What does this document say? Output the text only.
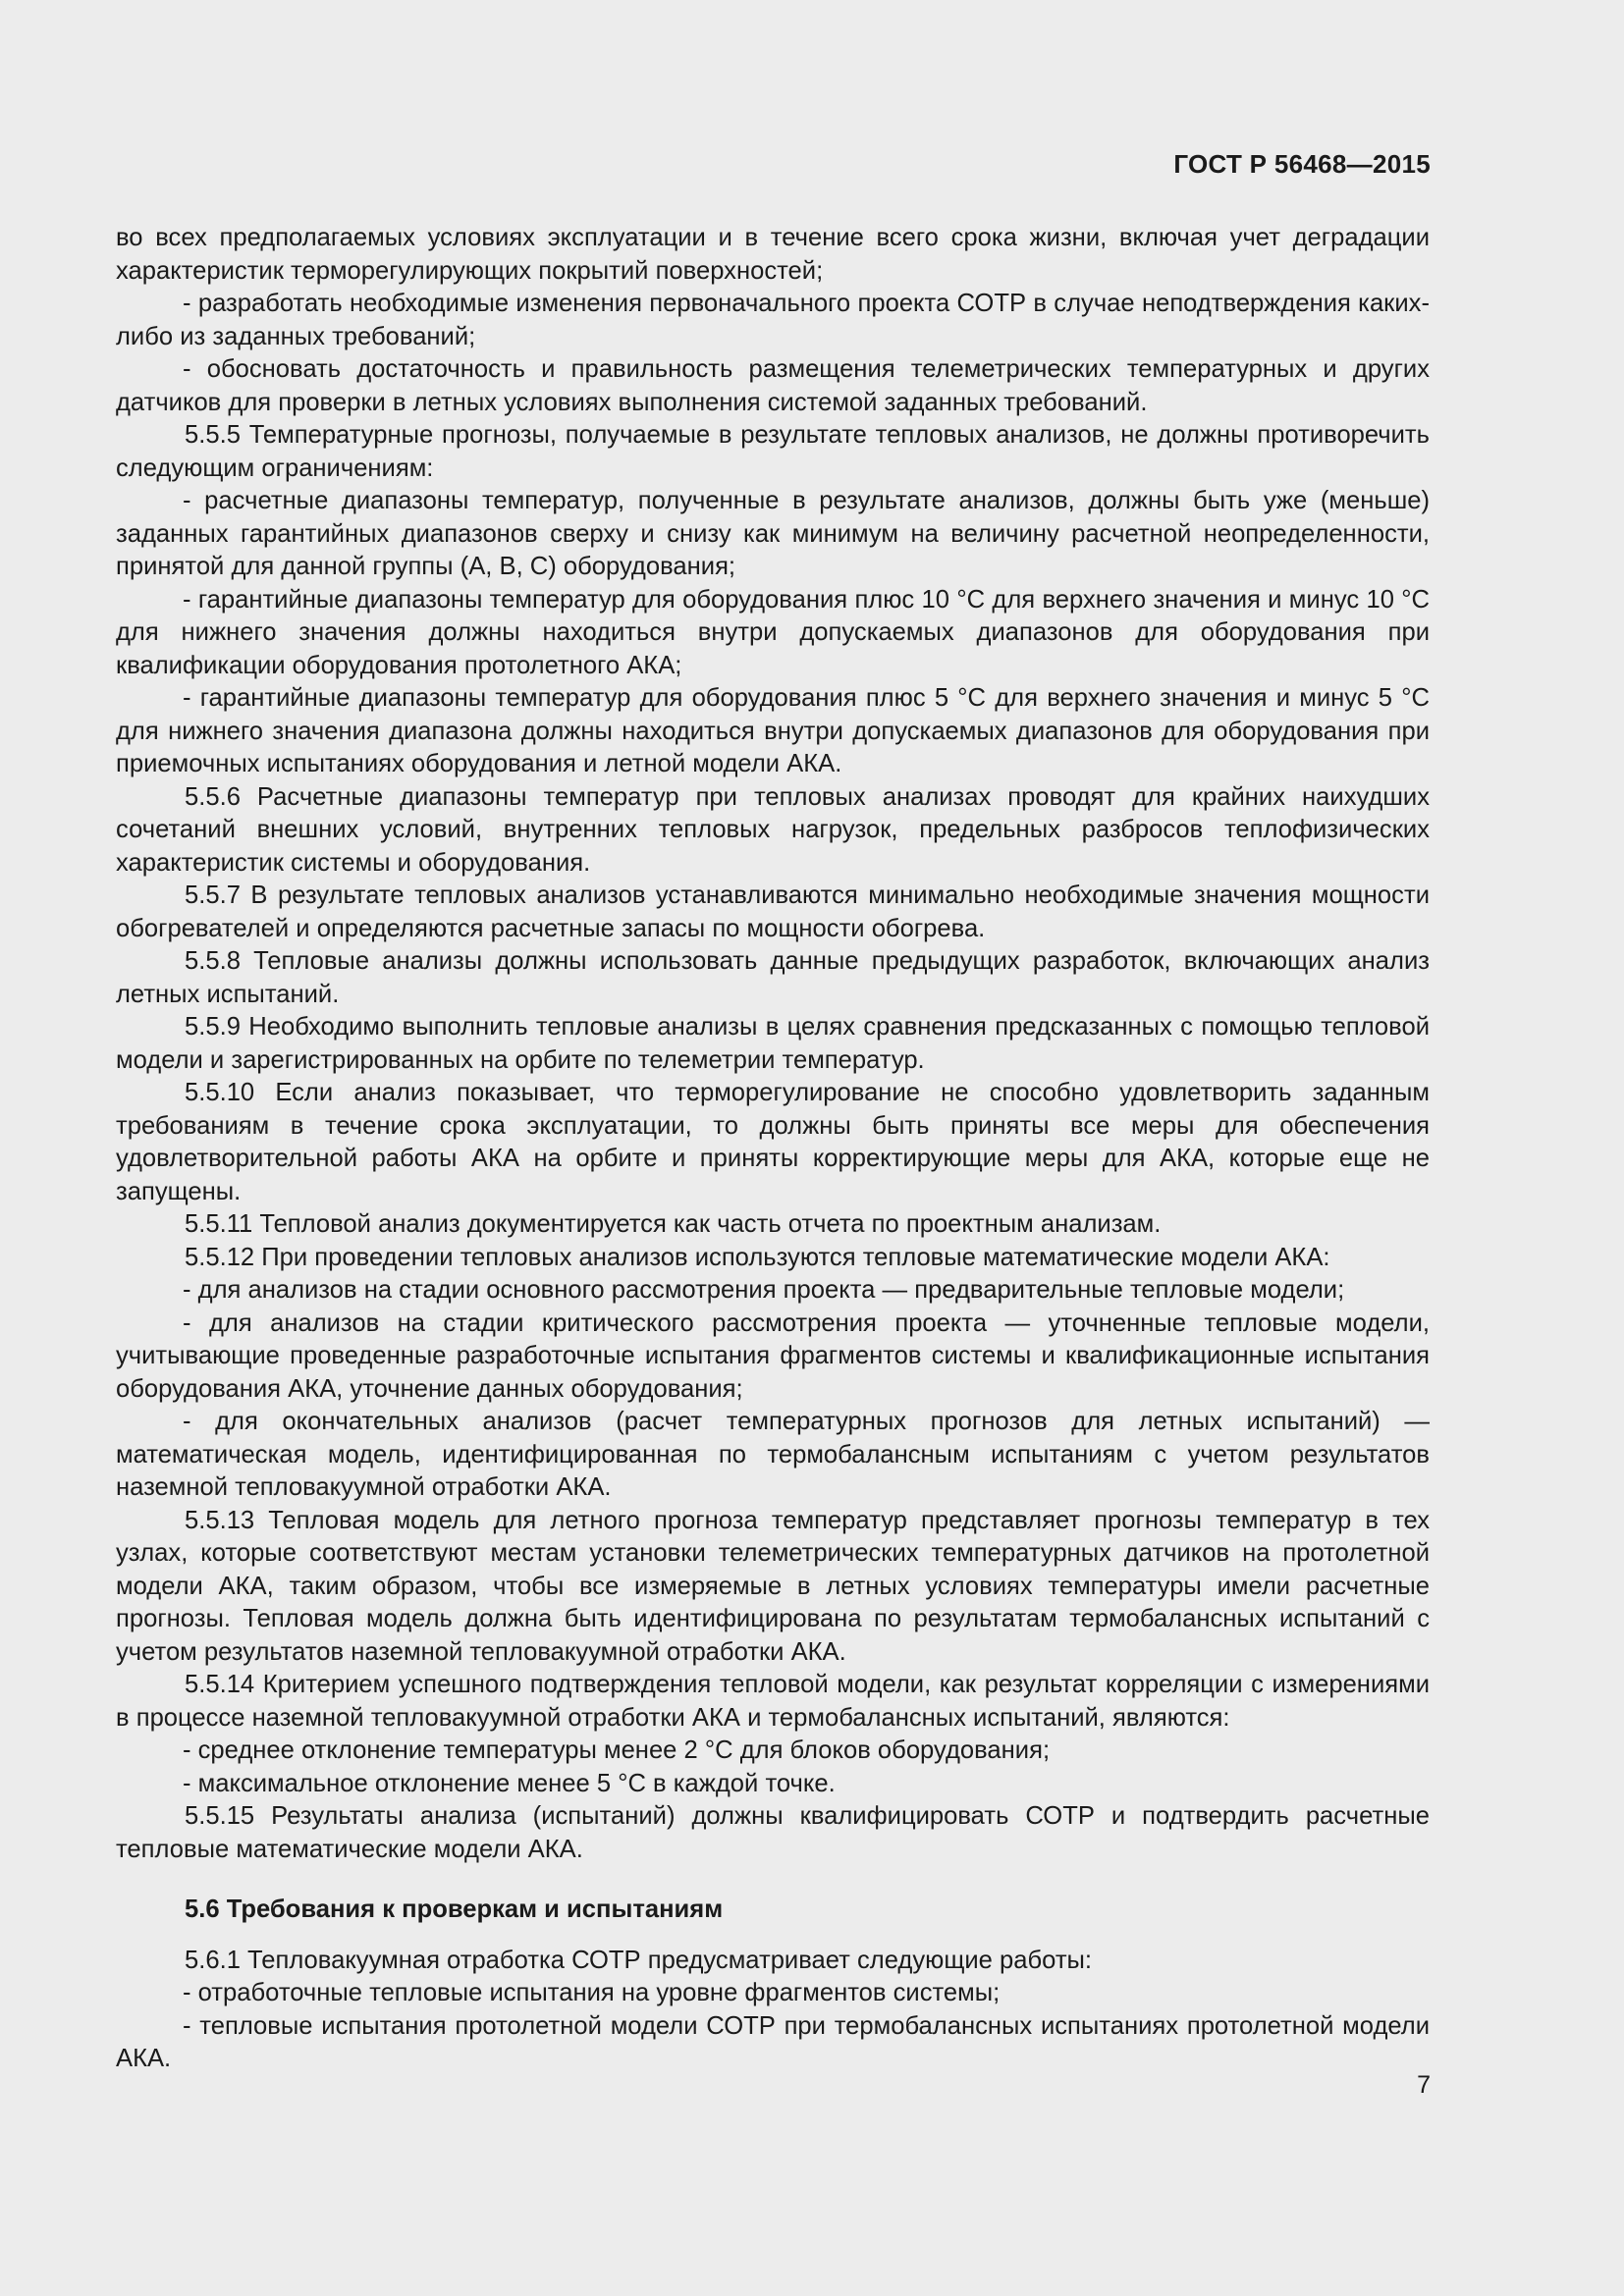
ГОСТ Р 56468—2015

во всех предполагаемых условиях эксплуатации и в течение всего срока жизни, включая учет деградации характеристик терморегулирующих покрытий поверхностей;

- разработать необходимые изменения первоначального проекта СОТР в случае неподтверждения каких-либо из заданных требований;

- обосновать достаточность и правильность размещения телеметрических температурных и других датчиков для проверки в летных условиях выполнения системой заданных требований.

5.5.5 Температурные прогнозы, получаемые в результате тепловых анализов, не должны противоречить следующим ограничениям:

- расчетные диапазоны температур, полученные в результате анализов, должны быть уже (меньше) заданных гарантийных диапазонов сверху и снизу как минимум на величину расчетной неопределенности, принятой для данной группы (А, В, С) оборудования;

- гарантийные диапазоны температур для оборудования плюс 10 °С для верхнего значения и минус 10 °С для нижнего значения должны находиться внутри допускаемых диапазонов для оборудования при квалификации оборудования протолетного АКА;

- гарантийные диапазоны температур для оборудования плюс 5 °С для верхнего значения и минус 5 °С для нижнего значения диапазона должны находиться внутри допускаемых диапазонов для оборудования при приемочных испытаниях оборудования и летной модели АКА.

5.5.6 Расчетные диапазоны температур при тепловых анализах проводят для крайних наихудших сочетаний внешних условий, внутренних тепловых нагрузок, предельных разбросов теплофизических характеристик системы и оборудования.

5.5.7 В результате тепловых анализов устанавливаются минимально необходимые значения мощности обогревателей и определяются расчетные запасы по мощности обогрева.

5.5.8 Тепловые анализы должны использовать данные предыдущих разработок, включающих анализ летных испытаний.

5.5.9 Необходимо выполнить тепловые анализы в целях сравнения предсказанных с помощью тепловой модели и зарегистрированных на орбите по телеметрии температур.

5.5.10 Если анализ показывает, что терморегулирование не способно удовлетворить заданным требованиям в течение срока эксплуатации, то должны быть приняты все меры для обеспечения удовлетворительной работы АКА на орбите и приняты корректирующие меры для АКА, которые еще не запущены.

5.5.11 Тепловой анализ документируется как часть отчета по проектным анализам.

5.5.12 При проведении тепловых анализов используются тепловые математические модели АКА:

- для анализов на стадии основного рассмотрения проекта — предварительные тепловые модели;

- для анализов на стадии критического рассмотрения проекта — уточненные тепловые модели, учитывающие проведенные разработочные испытания фрагментов системы и квалификационные испытания оборудования АКА, уточнение данных оборудования;

- для окончательных анализов (расчет температурных прогнозов для летных испытаний) — математическая модель, идентифицированная по термобалансным испытаниям с учетом результатов наземной тепловакуумной отработки АКА.

5.5.13 Тепловая модель для летного прогноза температур представляет прогнозы температур в тех узлах, которые соответствуют местам установки телеметрических температурных датчиков на протолетной модели АКА, таким образом, чтобы все измеряемые в летных условиях температуры имели расчетные прогнозы. Тепловая модель должна быть идентифицирована по результатам термобалансных испытаний с учетом результатов наземной тепловакуумной отработки АКА.

5.5.14 Критерием успешного подтверждения тепловой модели, как результат корреляции с измерениями в процессе наземной тепловакуумной отработки АКА и термобалансных испытаний, являются:

- среднее отклонение температуры менее 2 °С для блоков оборудования;

- максимальное отклонение менее 5 °С в каждой точке.

5.5.15 Результаты анализа (испытаний) должны квалифицировать СОТР и подтвердить расчетные тепловые математические модели АКА.

5.6 Требования к проверкам и испытаниям

5.6.1 Тепловакуумная отработка СОТР предусматривает следующие работы:

- отработочные тепловые испытания на уровне фрагментов системы;

- тепловые испытания протолетной модели СОТР при термобалансных испытаниях протолетной модели АКА.

7
